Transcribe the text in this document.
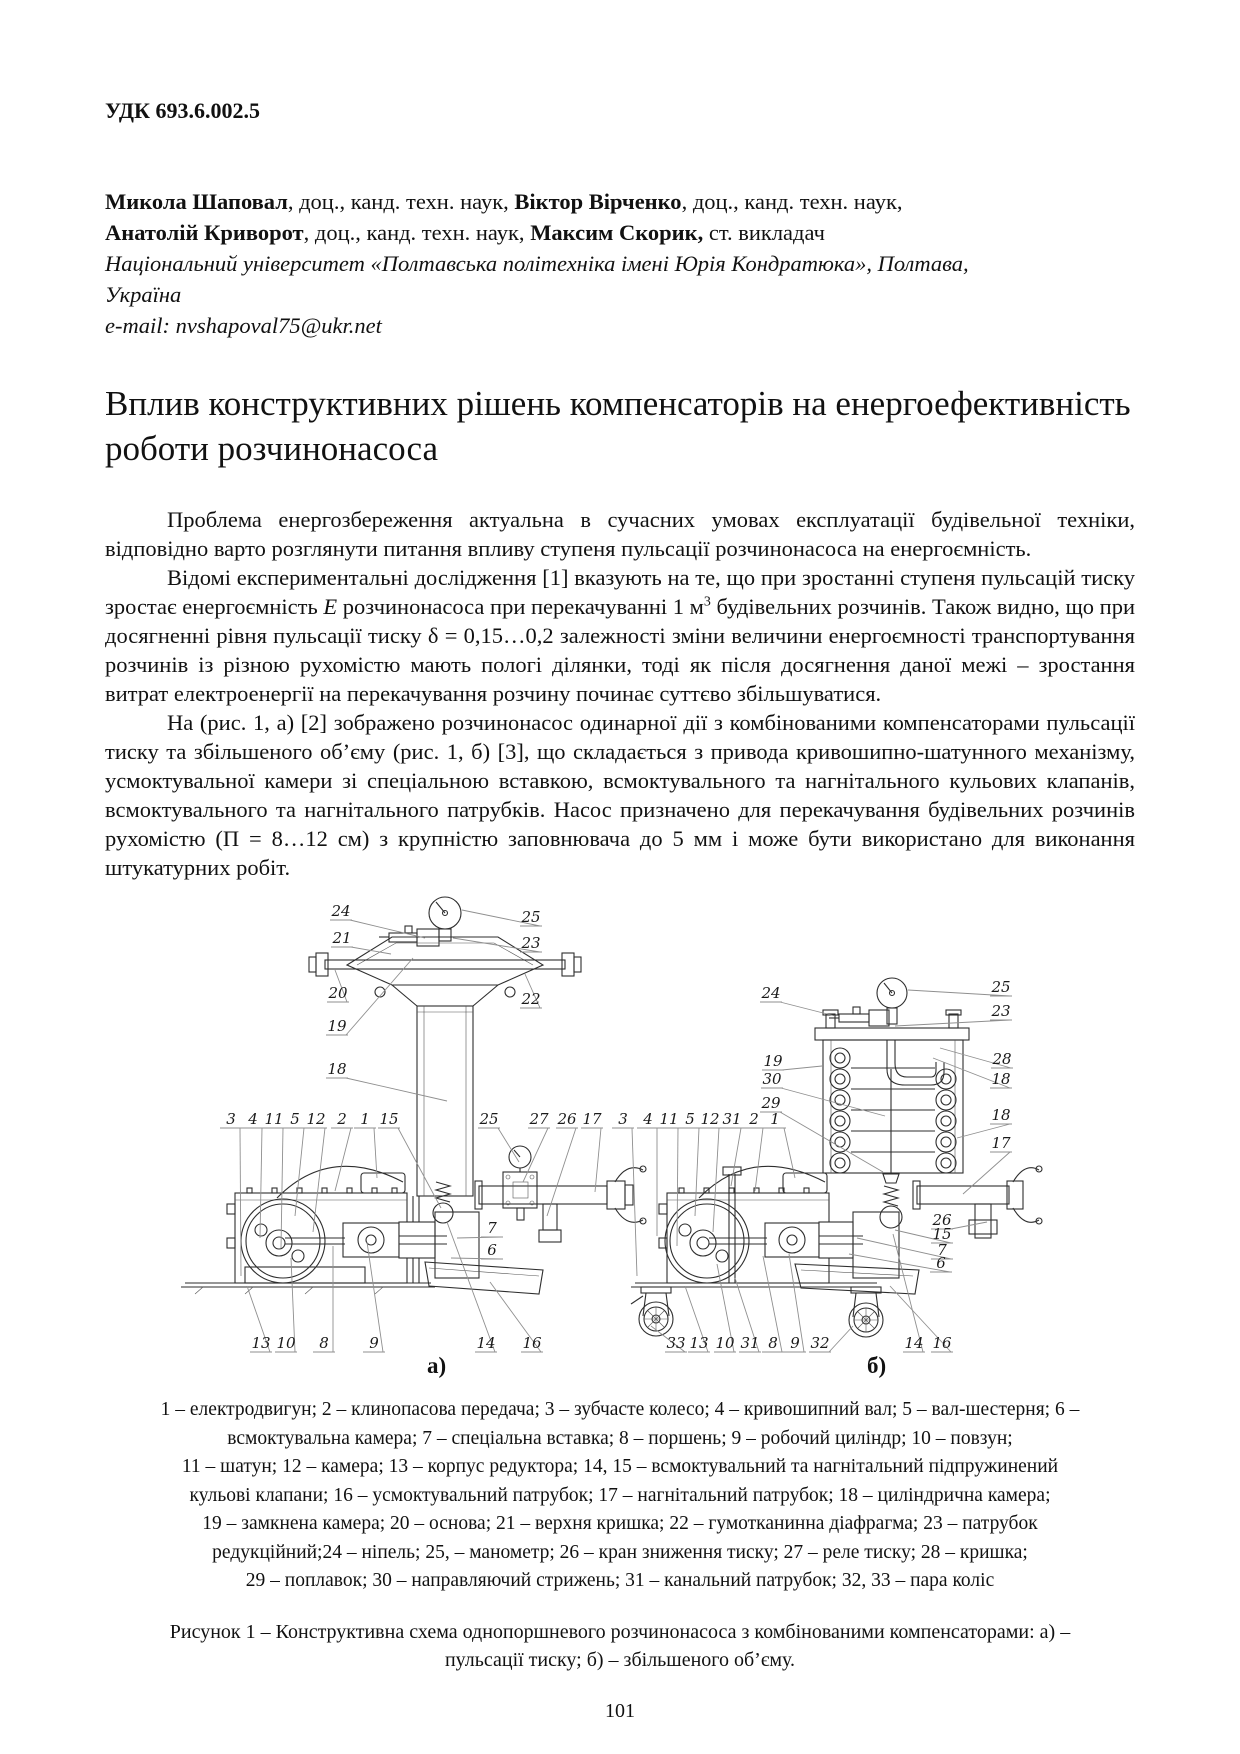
УДК 693.6.002.5

Микола Шаповал, доц., канд. техн. наук, Віктор Вірченко, доц., канд. техн. наук,

Анатолій Криворот, доц., канд. техн. наук, Максим Скорик, ст. викладач

Національний університет «Полтавська політехніка імені Юрія Кондратюка», Полтава,

Україна

e-mail: nvshapoval75@ukr.net

Вплив конструктивних рішень компенсаторів на енергоефективність роботи розчинонасоса

Проблема енергозбереження актуальна в сучасних умовах експлуатації будівельної техніки, відповідно варто розглянути питання впливу ступеня пульсації розчинонасоса на енергоємність.

Відомі експериментальні дослідження [1] вказують на те, що при зростанні ступеня пульсацій тиску зростає енергоємність Е розчинонасоса при перекачуванні 1 $м^3$ будівельних розчинів. Також видно, що при досягненні рівня пульсації тиску δ = 0,15…0,2 залежності зміни величини енергоємності транспортування розчинів із різною рухомістю мають пологі ділянки, тоді як після досягнення даної межі – зростання витрат електроенергії на перекачування розчину починає суттєво збільшуватися.

На (рис. 1, а) [2] зображено розчинонасос одинарної дії з комбінованими компенсаторами пульсації тиску та збільшеного об’єму (рис. 1, б) [3], що складається з привода кривошипно-шатунного механізму, усмоктувальної камери зі спеціальною вставкою, всмоктувального та нагнітального кульових клапанів, всмоктувального та нагнітального патрубків. Насос призначено для перекачування будівельних розчинів рухомістю (П = 8…12 см) з крупністю заповнювача до 5 мм і може бути використано для виконання штукатурних робіт.

24	25
21	23
20	22
19
18
3 4 11 5 12 2 1 15	25 27 26 17
7
6
13 10 8	9	14 16
24	25
23
28
18
19
30
29
18
17
3 4 11 5 12 31 2 1
26
15
7
6
33 13 10 31 8 9 32	14 16
а)	б)
1 – електродвигун; 2 – клинопасова передача; 3 – зубчасте колесо; 4 – кривошипний вал; 5 – вал-шестерня; 6 –
всмоктувальна камера; 7 – спеціальна вставка; 8 – поршень; 9 – робочий циліндр; 10 – повзун;
11 – шатун; 12 – камера; 13 – корпус редуктора; 14, 15 – всмоктувальний та нагнітальний підпружинений
кульові клапани; 16 – усмоктувальний патрубок; 17 – нагнітальний патрубок; 18 – циліндрична камера;
19 – замкнена камера; 20 – основа; 21 – верхня кришка; 22 – гумотканинна діафрагма; 23 – патрубок
редукційний;24 – ніпель; 25, – манометр; 26 – кран зниження тиску; 27 – реле тиску; 28 – кришка;
29 – поплавок; 30 – направляючий стрижень; 31 – канальний патрубок; 32, 33 – пара коліс
Рисунок 1 – Конструктивна схема однопоршневого розчинонасоса з комбінованими компенсаторами: а) –
пульсації тиску; б) – збільшеного об’єму.
101
